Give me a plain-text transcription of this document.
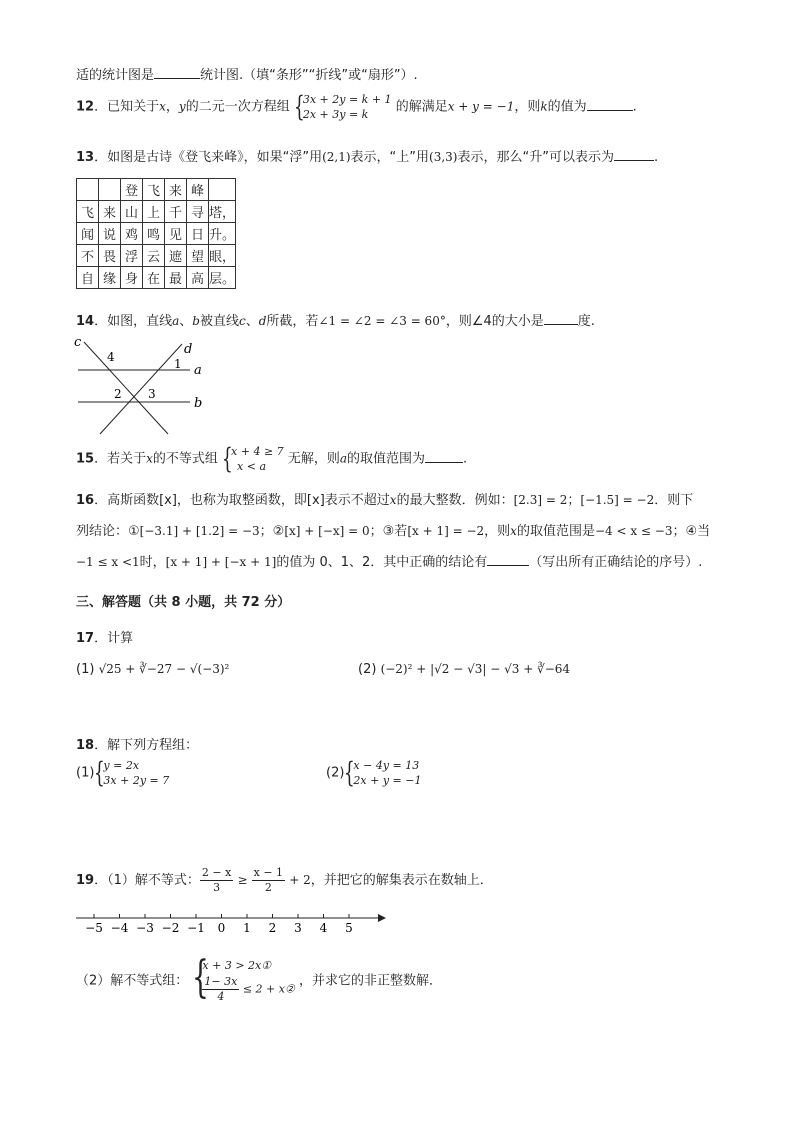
适的统计图是	统计图.（填“条形”“折线”或“扇形”）.
12．已知关于x，y的二元一次方程组 {
3x + 2y = k + 1
2x + 3y = k	的解满足x + y = −1，则k的值为	.
13．如图是古诗《登飞来峰》，如果“浮”用(2,1)表示，“上”用(3,3)表示，那么“升”可以表示为	.
		登	飞	来	峰	
飞	来	山	上	千	寻	塔，
闻	说	鸡	鸣	见	日	升。
不	畏	浮	云	遮	望	眼，
自	缘	身	在	最	高	层。
14．如图，直线a、b被直线c、d所截，若∠1 = ∠2 = ∠3 = 60°，则∠4的大小是	度.
c	d
a
b
1
2 3
4
15．若关于x的不等式组 {
x + 4 ≥ 7
x < a	无解，则a的取值范围为	.
16．高斯函数[x]，也称为取整函数，即[x]表示不超过x的最大整数．例如：[2.3] = 2；[−1.5] = −2．则下
列结论：①[−3.1] + [1.2] = −3；②[x] + [−x] = 0；③若[x + 1] = −2，则x的取值范围是−4 < x ≤ −3；④当
−1 ≤ x <1时，[x + 1] + [−x + 1]的值为 0、1、2．其中正确的结论有	（写出所有正确结论的序号）.
三、解答题（共 8 小题，共 72 分）
17．计算
(1) √25 + ∛−27 − √(−3)²	(2) (−2)² + |√2 − √3| − √3 + ∛−64
18．解下列方程组：
(1) {
y = 2x
3x + 2y = 7	(2) {
x − 4y = 13
2x + y = −1
19．（1）解不等式： $\frac{2 - x}{3} \ge \frac{x - 1}{2} + 2$，并把它的解集表示在数轴上．
−5 −4 −3 −2 −1 0 1 2 3 4 5
（2）解不等式组： {
x + 3 > 2x①
$\frac{1- 3x}{4} \le 2$ + x②
，并求它的非正整数解．
